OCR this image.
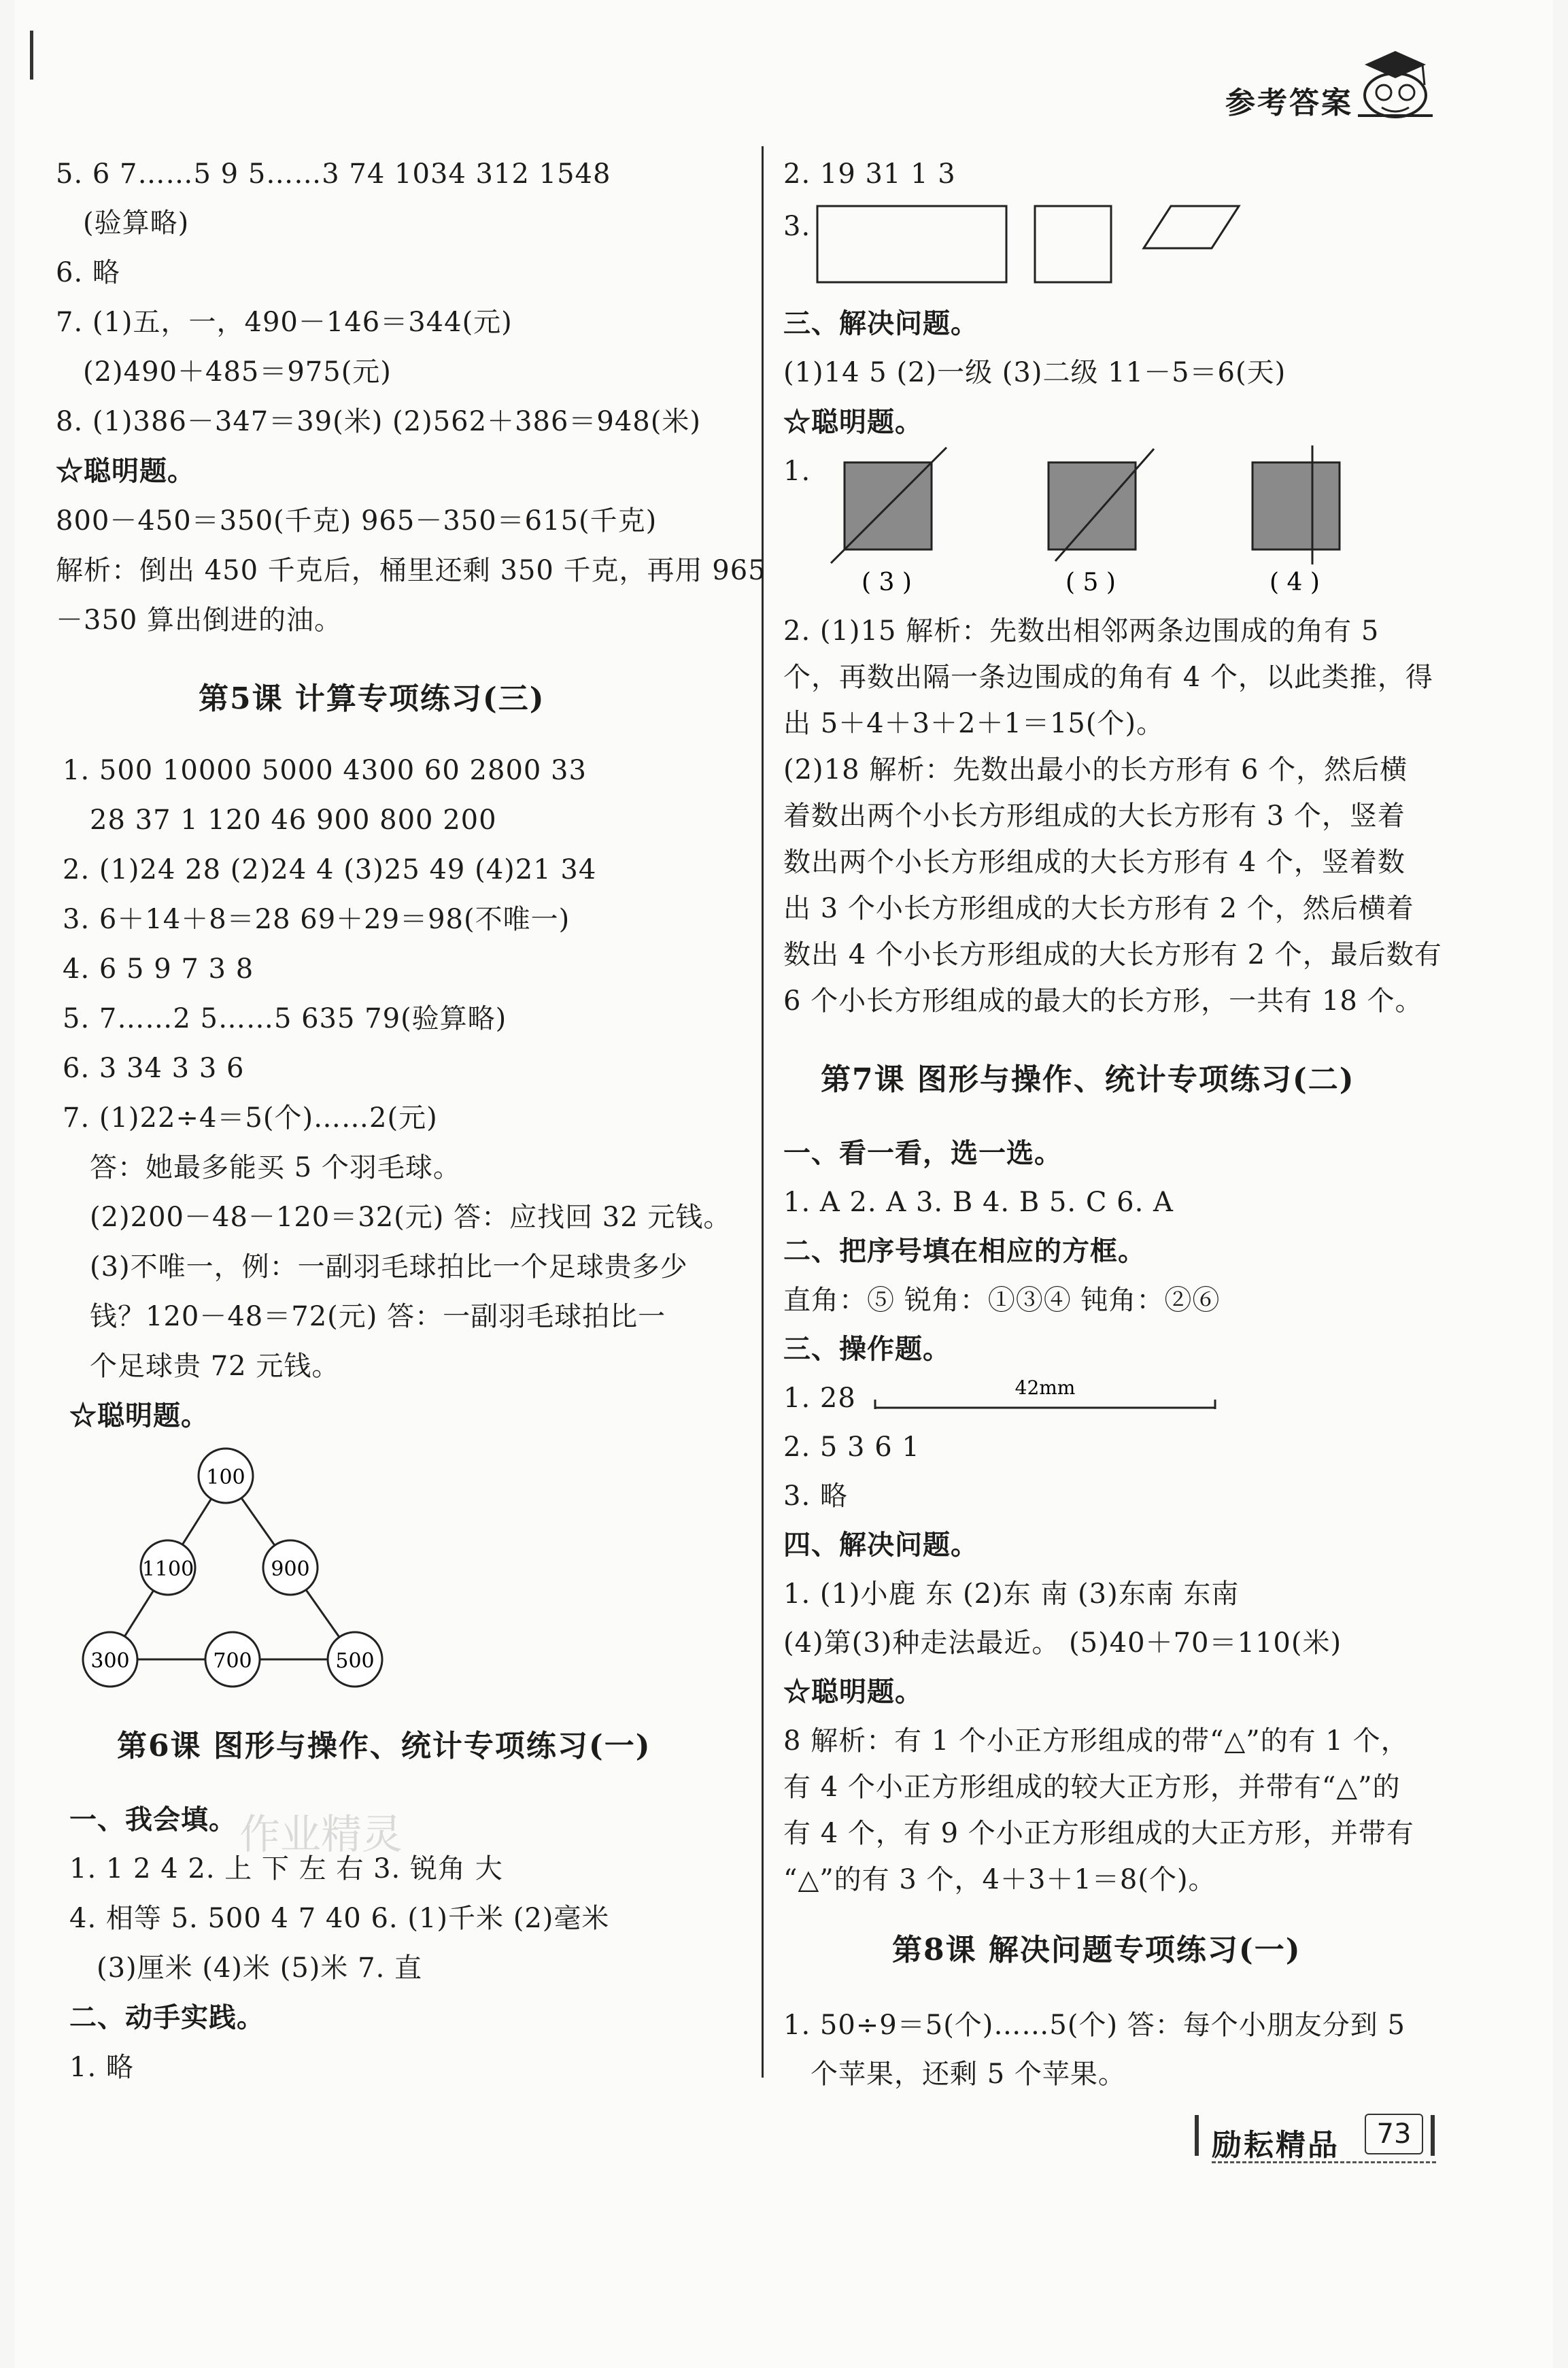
参考答案
5. 6 7……5 9 5……3 74 1034 312 1548
(验算略)
6. 略
7. (1)五，一，490－146＝344(元)
(2)490＋485＝975(元)
8. (1)386－347＝39(米) (2)562＋386＝948(米)
☆聪明题。
800－450＝350(千克) 965－350＝615(千克)
解析：倒出 450 千克后，桶里还剩 350 千克，再用 965
－350 算出倒进的油。
第5课 计算专项练习(三)
1. 500 10000 5000 4300 60 2800 33
28 37 1 120 46 900 800 200
2. (1)24 28 (2)24 4 (3)25 49 (4)21 34
3. 6＋14＋8＝28 69＋29＝98(不唯一)
4. 6 5 9 7 3 8
5. 7……2 5……5 635 79(验算略)
6. 3 34 3 3 6
7. (1)22÷4＝5(个)……2(元)
答：她最多能买 5 个羽毛球。
(2)200－48－120＝32(元) 答：应找回 32 元钱。
(3)不唯一，例：一副羽毛球拍比一个足球贵多少
钱？120－48＝72(元) 答：一副羽毛球拍比一
个足球贵 72 元钱。
☆聪明题。
100
1100	900
300	700	500
第6课 图形与操作、统计专项练习(一)
一、我会填。
1. 1 2 4 2. 上 下 左 右 3. 锐角 大
4. 相等 5. 500 4 7 40 6. (1)千米 (2)毫米
(3)厘米 (4)米 (5)米 7. 直
二、动手实践。
1. 略
作业精灵
2. 19 31 1 3
3.
三、解决问题。
(1)14 5 (2)一级 (3)二级 11－5＝6(天)
☆聪明题。
1.
( 3 )	( 5 )	( 4 )
2. (1)15 解析：先数出相邻两条边围成的角有 5
个，再数出隔一条边围成的角有 4 个，以此类推，得
出 5＋4＋3＋2＋1＝15(个)。
(2)18 解析：先数出最小的长方形有 6 个，然后横
着数出两个小长方形组成的大长方形有 3 个，竖着
数出两个小长方形组成的大长方形有 4 个，竖着数
出 3 个小长方形组成的大长方形有 2 个，然后横着
数出 4 个小长方形组成的大长方形有 2 个，最后数有
6 个小长方形组成的最大的长方形，一共有 18 个。
第7课 图形与操作、统计专项练习(二)
一、看一看，选一选。
1. A 2. A 3. B 4. B 5. C 6. A
二、把序号填在相应的方框。
直角：⑤ 锐角：①③④ 钝角：②⑥
三、操作题。
1. 28	42mm
2. 5 3 6 1
3. 略
四、解决问题。
1. (1)小鹿 东 (2)东 南 (3)东南 东南
(4)第(3)种走法最近。 (5)40＋70＝110(米)
☆聪明题。
8 解析：有 1 个小正方形组成的带“△”的有 1 个，
有 4 个小正方形组成的较大正方形，并带有“△”的
有 4 个，有 9 个小正方形组成的大正方形，并带有
“△”的有 3 个，4＋3＋1＝8(个)。
第8课 解决问题专项练习(一)
1. 50÷9＝5(个)……5(个) 答：每个小朋友分到 5
个苹果，还剩 5 个苹果。
励耘精品	73
